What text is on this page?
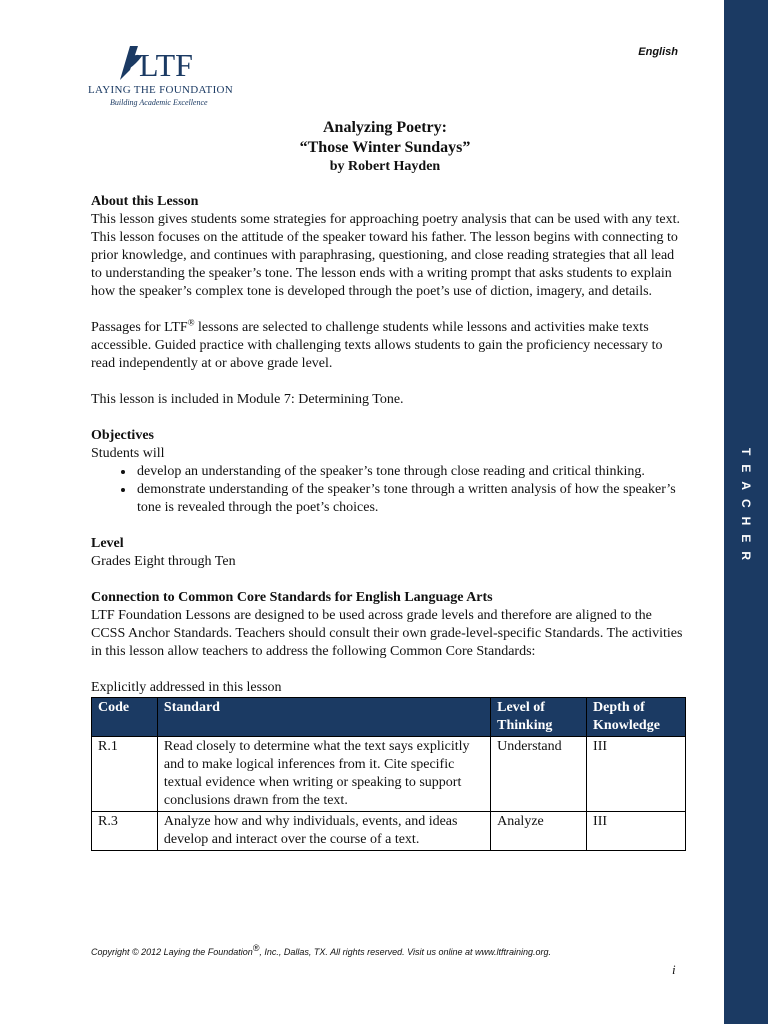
TEACHER
English
LTF
LAYING THE FOUNDATION
Building Academic Excellence
Analyzing Poetry:
“Those Winter Sundays”
by Robert Hayden
About this Lesson

This lesson gives students some strategies for approaching poetry analysis that can be used with any text. This lesson focuses on the attitude of the speaker toward his father. The lesson begins with connecting to prior knowledge, and continues with paraphrasing, questioning, and close reading strategies that all lead to understanding the speaker’s tone. The lesson ends with a writing prompt that asks students to explain how the speaker’s complex tone is developed through the poet’s use of diction, imagery, and details.

Passages for LTF® lessons are selected to challenge students while lessons and activities make texts accessible. Guided practice with challenging texts allows students to gain the proficiency necessary to read independently at or above grade level.

This lesson is included in Module 7: Determining Tone.

Objectives

Students will

• develop an understanding of the speaker’s tone through close reading and critical thinking.
• demonstrate understanding of the speaker’s tone through a written analysis of how the speaker’s tone is revealed through the poet’s choices.
Level

Grades Eight through Ten

Connection to Common Core Standards for English Language Arts

LTF Foundation Lessons are designed to be used across grade levels and therefore are aligned to the CCSS Anchor Standards. Teachers should consult their own grade-level-specific Standards. The activities in this lesson allow teachers to address the following Common Core Standards:

Explicitly addressed in this lesson

Code	Standard	Level of Thinking	Depth of Knowledge
R.1	Read closely to determine what the text says explicitly and to make logical inferences from it. Cite specific textual evidence when writing or speaking to support conclusions drawn from the text.	Understand	III
R.3	Analyze how and why individuals, events, and ideas develop and interact over the course of a text.	Analyze	III
Copyright © 2012 Laying the Foundation®, Inc., Dallas, TX. All rights reserved. Visit us online at www.ltftraining.org.
i
